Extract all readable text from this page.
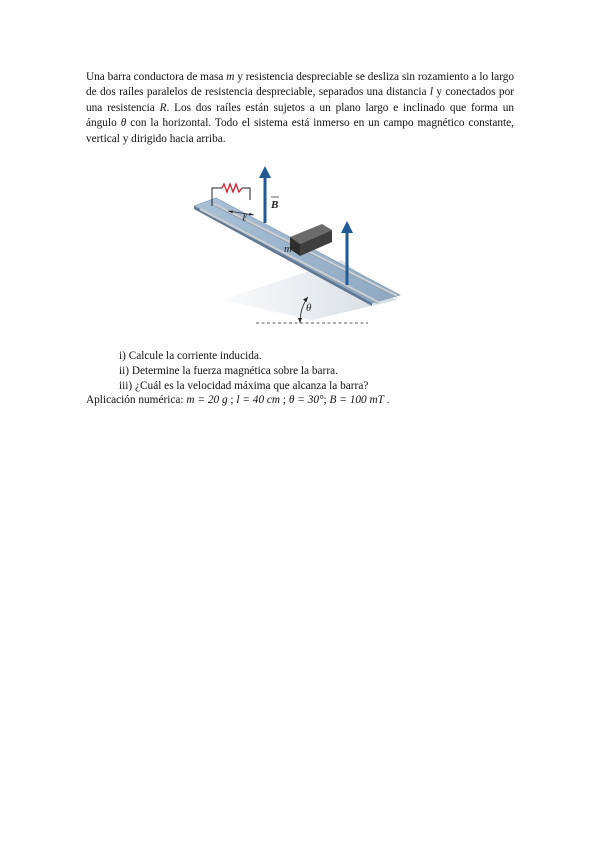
Una barra conductora de masa m y resistencia despreciable se desliza sin rozamiento a lo largo de dos raíles paralelos de resistencia despreciable, separados una distancia l y conectados por una resistencia R. Los dos raíles están sujetos a un plano largo e inclinado que forma un ángulo θ con la horizontal. Todo el sistema está inmerso en un campo magnético constante, vertical y dirigido hacia arriba.

ℓ
B
m
θ
i) Calcule la corriente inducida.
ii) Determine la fuerza magnética sobre la barra.
iii) ¿Cuál es la velocidad máxima que alcanza la barra?
Aplicación numérica: m = 20 g ; l = 40 cm ; θ = 30°; B = 100 mT .
